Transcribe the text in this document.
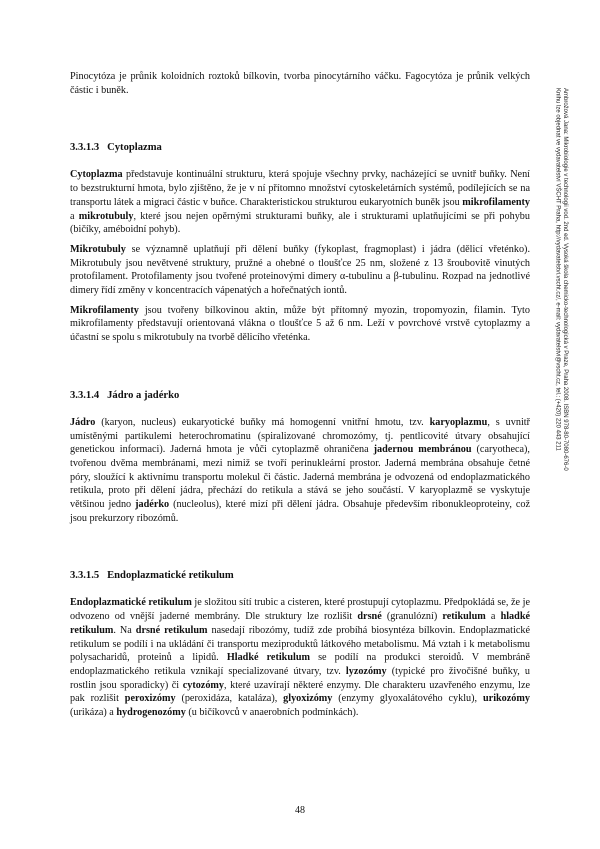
Pinocytóza je průnik koloidních roztoků bílkovin, tvorba pinocytárního váčku. Fagocytóza je průnik velkých částic i buněk.

3.3.1.3 Cytoplazma

Cytoplazma představuje kontinuální strukturu, která spojuje všechny prvky, nacházející se uvnitř buňky. Není to bezstrukturní hmota, bylo zjištěno, že je v ní přítomno množství cytoskeletárních systémů, podílejících se na transportu látek a migraci částic v buňce. Charakteristickou strukturou eukaryotních buněk jsou mikrofilamenty a mikrotubuly, které jsou nejen opěrnými strukturami buňky, ale i strukturami uplatňujícími se při pohybu (bičíky, améboidní pohyb).

Mikrotubuly se významně uplatňují při dělení buňky (fykoplast, fragmoplast) i jádra (dělicí vřeténko). Mikrotubuly jsou nevětvené struktury, pružné a ohebné o tloušťce 25 nm, složené z 13 šroubovitě vinutých protofilament. Protofilamenty jsou tvořené proteinovými dimery α-tubulinu a β-tubulinu. Rozpad na jednotlivé dimery řídí změny v koncentracích vápenatých a hořečnatých iontů.

Mikrofilamenty jsou tvořeny bílkovinou aktin, může být přítomný myozin, tropomyozin, filamin. Tyto mikrofilamenty představují orientovaná vlákna o tloušťce 5 až 6 nm. Leží v povrchové vrstvě cytoplazmy a účastní se spolu s mikrotubuly na tvorbě dělicího vřeténka.

3.3.1.4 Jádro a jadérko

Jádro (karyon, nucleus) eukaryotické buňky má homogenní vnitřní hmotu, tzv. karyoplazmu, s uvnitř umístěnými partikulemi heterochromatinu (spiralizované chromozómy, tj. pentlicovité útvary obsahující genetickou informaci). Jaderná hmota je vůči cytoplazmě ohraničena jadernou membránou (caryotheca), tvořenou dvěma membránami, mezi nimiž se tvoří perinukleární prostor. Jaderná membrána obsahuje četné póry, sloužící k aktivnímu transportu molekul či částic. Jaderná membrána je odvozená od endoplazmatického retikula, proto při dělení jádra, přechází do retikula a stává se jeho součástí. V karyoplazmě se vyskytuje většinou jedno jadérko (nucleolus), které mizí při dělení jádra. Obsahuje především ribonukleoproteiny, což jsou prekurzory ribozómů.

3.3.1.5 Endoplazmatické retikulum

Endoplazmatické retikulum je složitou sítí trubic a cisteren, které prostupují cytoplazmu. Předpokládá se, že je odvozeno od vnější jaderné membrány. Dle struktury lze rozlišit drsné (granulózní) retikulum a hladké retikulum. Na drsné retikulum nasedají ribozómy, tudíž zde probíhá biosyntéza bílkovin. Endoplazmatické retikulum se podílí i na ukládání či transportu meziproduktů látkového metabolismu. Má vztah i k metabolismu polysacharidů, proteinů a lipidů. Hladké retikulum se podílí na produkci steroidů. V membráně endoplazmatického retikula vznikají specializované útvary, tzv. lyzozómy (typické pro živočišné buňky, u rostlin jsou sporadicky) či cytozómy, které uzavírají některé enzymy. Dle charakteru uzavřeného enzymu, lze pak rozlišit peroxizómy (peroxidáza, kataláza), glyoxizómy (enzymy glyoxalátového cyklu), urikozómy (urikáza) a hydrogenozómy (u bičíkovců v anaerobních podmínkách).

Ambrožová Jana: Mikrobiologie v technologii vod. 2nd ed. Vysoká škola chemicko-technologická v Praze, Praha 2008. ISBN 978-80-7080-676-0
Knihu lze objednat ve vydavatelství VŠCHT Praha, http://vydavatelstvi.vscht.cz/, e-mail: vydavatelstvi@vscht.cz, tel.: (+420) 220 443 211
48
